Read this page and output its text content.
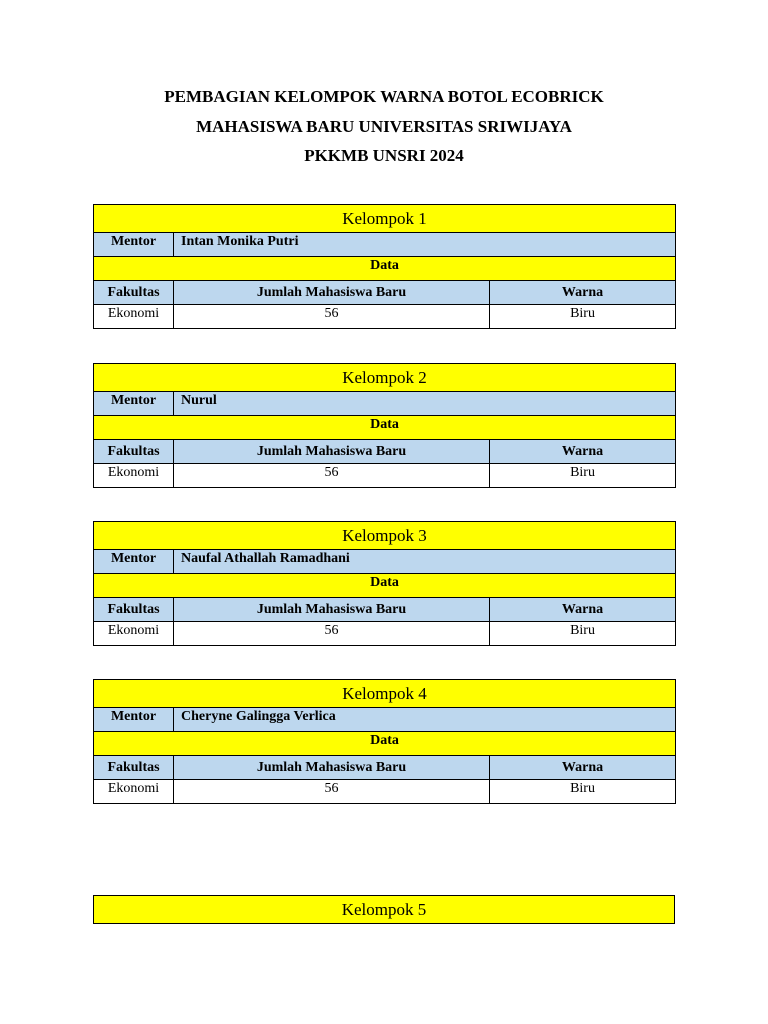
PEMBAGIAN KELOMPOK WARNA BOTOL ECOBRICK
MAHASISWA BARU UNIVERSITAS SRIWIJAYA
PKKMB UNSRI 2024
Kelompok 1		
Mentor	Intan Monika Putri	
Data		
Fakultas	Jumlah Mahasiswa Baru	Warna
Ekonomi	56	Biru
Kelompok 2		
Mentor	Nurul	
Data		
Fakultas	Jumlah Mahasiswa Baru	Warna
Ekonomi	56	Biru
Kelompok 3		
Mentor	Naufal Athallah Ramadhani	
Data		
Fakultas	Jumlah Mahasiswa Baru	Warna
Ekonomi	56	Biru
Kelompok 4		
Mentor	Cheryne Galingga Verlica	
Data		
Fakultas	Jumlah Mahasiswa Baru	Warna
Ekonomi	56	Biru
Kelompok 5
